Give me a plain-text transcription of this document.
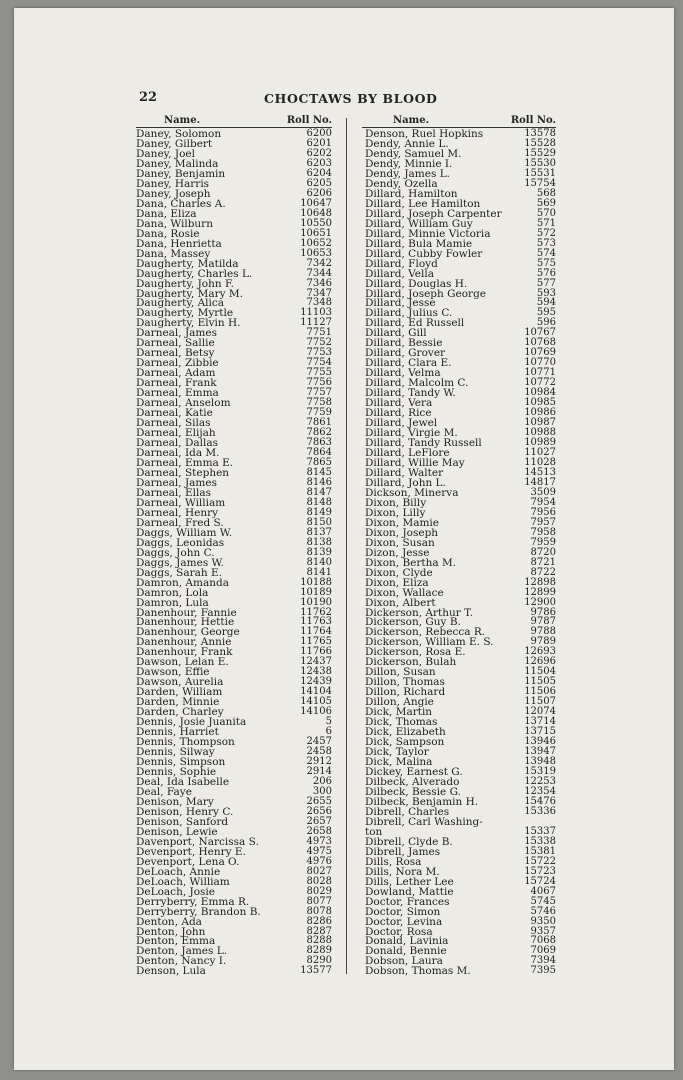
22	CHOCTAWS BY BLOOD
Name.	Roll No.
Daney, Solomon	6200
Daney, Gilbert	6201
Daney, Joel	6202
Daney, Malinda	6203
Daney, Benjamin	6204
Daney, Harris	6205
Daney, Joseph	6206
Dana, Charles A.	10647
Dana, Eliza	10648
Dana, Wilburn	10550
Dana, Rosie	10651
Dana, Henrietta	10652
Dana, Massey	10653
Daugherty, Matilda	7342
Daugherty, Charles L.	7344
Daugherty, John F.	7346
Daugherty, Mary M.	7347
Daugherty, Alica	7348
Daugherty, Myrtle	11103
Daugherty, Elvin H.	11127
Darneal, James	7751
Darneal, Sallie	7752
Darneal, Betsy	7753
Darneal, Zibbie	7754
Darneal, Adam	7755
Darneal, Frank	7756
Darneal, Emma	7757
Darneal, Anselom	7758
Darneal, Katie	7759
Darneal, Silas	7861
Darneal, Elijah	7862
Darneal, Dallas	7863
Darneal, Ida M.	7864
Darneal, Emma E.	7865
Darneal, Stephen	8145
Darneal, James	8146
Darneal, Ellas	8147
Darneal, William	8148
Darneal, Henry	8149
Darneal, Fred S.	8150
Daggs, William W.	8137
Daggs, Leonidas	8138
Daggs, John C.	8139
Daggs, James W.	8140
Daggs, Sarah E.	8141
Damron, Amanda	10188
Damron, Lola	10189
Damron, Lula	10190
Danenhour, Fannie	11762
Danenhour, Hettie	11763
Danenhour, George	11764
Danenhour, Annie	11765
Danenhour, Frank	11766
Dawson, Lelan E.	12437
Dawson, Effie	12438
Dawson, Aurelia	12439
Darden, William	14104
Darden, Minnie	14105
Darden, Charley	14106
Dennis, Josie Juanita	5
Dennis, Harriet	6
Dennis, Thompson	2457
Dennis, Silway	2458
Dennis, Simpson	2912
Dennis, Sophie	2914
Deal, Ida Isabelle	206
Deal, Faye	300
Denison, Mary	2655
Denison, Henry C.	2656
Denison, Sanford	2657
Denison, Lewie	2658
Davenport, Narcissa S.	4973
Devenport, Henry E.	4975
Devenport, Lena O.	4976
DeLoach, Annie	8027
DeLoach, William	8028
DeLoach, Josie	8029
Derryberry, Emma R.	8077
Derryberry, Brandon B.	8078
Denton, Ada	8286
Denton, John	8287
Denton, Emma	8288
Denton, James L.	8289
Denton, Nancy I.	8290
Denson, Lula	13577
Name.	Roll No.
Denson, Ruel Hopkins	13578
Dendy, Annie L.	15528
Dendy, Samuel M.	15529
Dendy, Minnie I.	15530
Dendy, James L.	15531
Dendy, Ozella	15754
Dillard, Hamilton	568
Dillard, Lee Hamilton	569
Dillard, Joseph Carpenter	570
Dillard, William Guy	571
Dillard, Minnie Victoria	572
Dillard, Bula Mamie	573
Dillard, Cubby Fowler	574
Dillard, Floyd	575
Dillard, Vella	576
Dillard, Douglas H.	577
Dillard, Joseph George	593
Dillard, Jesse	594
Dillard, Julius C.	595
Dillard, Ed Russell	596
Dillard, Gill	10767
Dillard, Bessie	10768
Dillard, Grover	10769
Dillard, Clara E.	10770
Dillard, Velma	10771
Dillard, Malcolm C.	10772
Dillard, Tandy W.	10984
Dillard, Vera	10985
Dillard, Rice	10986
Dillard, Jewel	10987
Dillard, Virgie M.	10988
Dillard, Tandy Russell	10989
Dillard, LeFlore	11027
Dillard, Willie May	11028
Dillard, Walter	14513
Dillard, John L.	14817
Dickson, Minerva	3509
Dixon, Billy	7954
Dixon, Lilly	7956
Dixon, Mamie	7957
Dixon, Joseph	7958
Dixon, Susan	7959
Dizon, Jesse	8720
Dixon, Bertha M.	8721
Dixon, Clyde	8722
Dixon, Eliza	12898
Dixon, Wallace	12899
Dixon, Albert	12900
Dickerson, Arthur T.	9786
Dickerson, Guy B.	9787
Dickerson, Rebecca R.	9788
Dickerson, William E. S.	9789
Dickerson, Rosa E.	12693
Dickerson, Bulah	12696
Dillon, Susan	11504
Dillon, Thomas	11505
Dillon, Richard	11506
Dillon, Angie	11507
Dick, Martin	12074
Dick, Thomas	13714
Dick, Elizabeth	13715
Dick, Sampson	13946
Dick, Taylor	13947
Dick, Malina	13948
Dickey, Earnest G.	15319
Dilbeck, Alverado	12253
Dilbeck, Bessie G.	12354
Dilbeck, Benjamin H.	15476
Dibrell, Charles	15336
Dibrell, Carl Washing-
ton	15337
Dibrell, Clyde B.	15338
Dibrell, James	15381
Dills, Rosa	15722
Dills, Nora M.	15723
Dills, Lether Lee	15724
Dowland, Mattie	4067
Doctor, Frances	5745
Doctor, Simon	5746
Doctor, Levina	9350
Doctor, Rosa	9357
Donald, Lavinia	7068
Donald, Bennie	7069
Dobson, Laura	7394
Dobson, Thomas M.	7395
